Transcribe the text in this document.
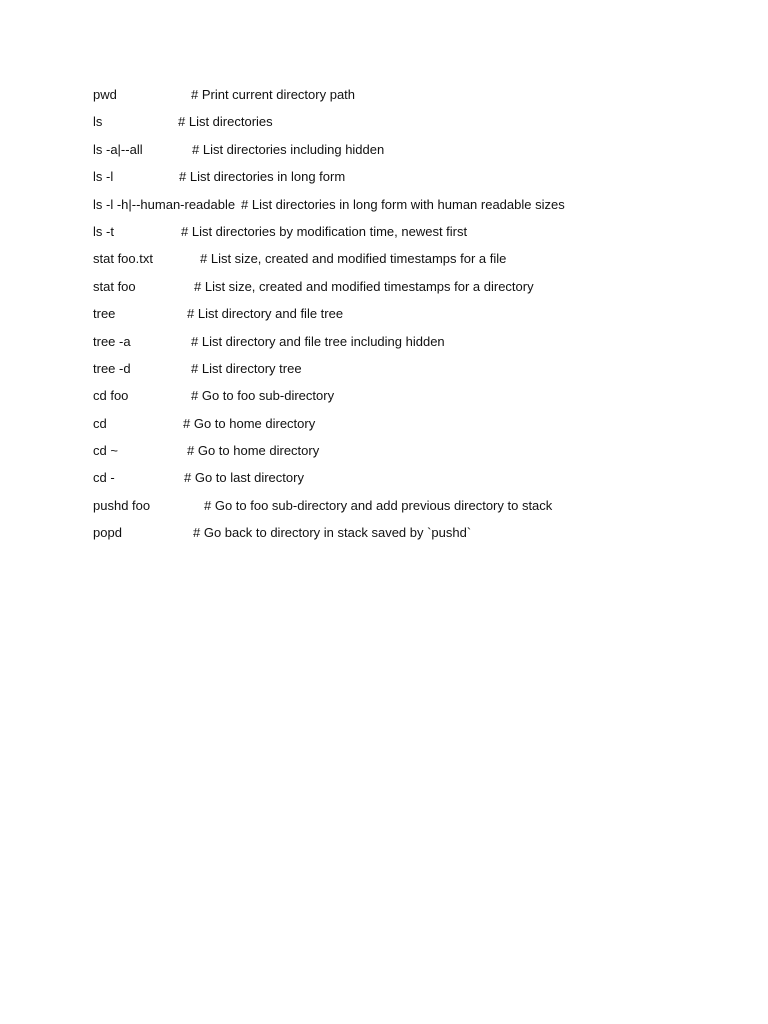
pwd	# Print current directory path
ls	# List directories
ls -a|--all	# List directories including hidden
ls -l	# List directories in long form
ls -l -h|--human-readable # List directories in long form with human readable sizes
ls -t	# List directories by modification time, newest first
stat foo.txt	# List size, created and modified timestamps for a file
stat foo	# List size, created and modified timestamps for a directory
tree	# List directory and file tree
tree -a	# List directory and file tree including hidden
tree -d	# List directory tree
cd foo	# Go to foo sub-directory
cd	# Go to home directory
cd ~	# Go to home directory
cd -	# Go to last directory
pushd foo	# Go to foo sub-directory and add previous directory to stack
popd	# Go back to directory in stack saved by `pushd`
